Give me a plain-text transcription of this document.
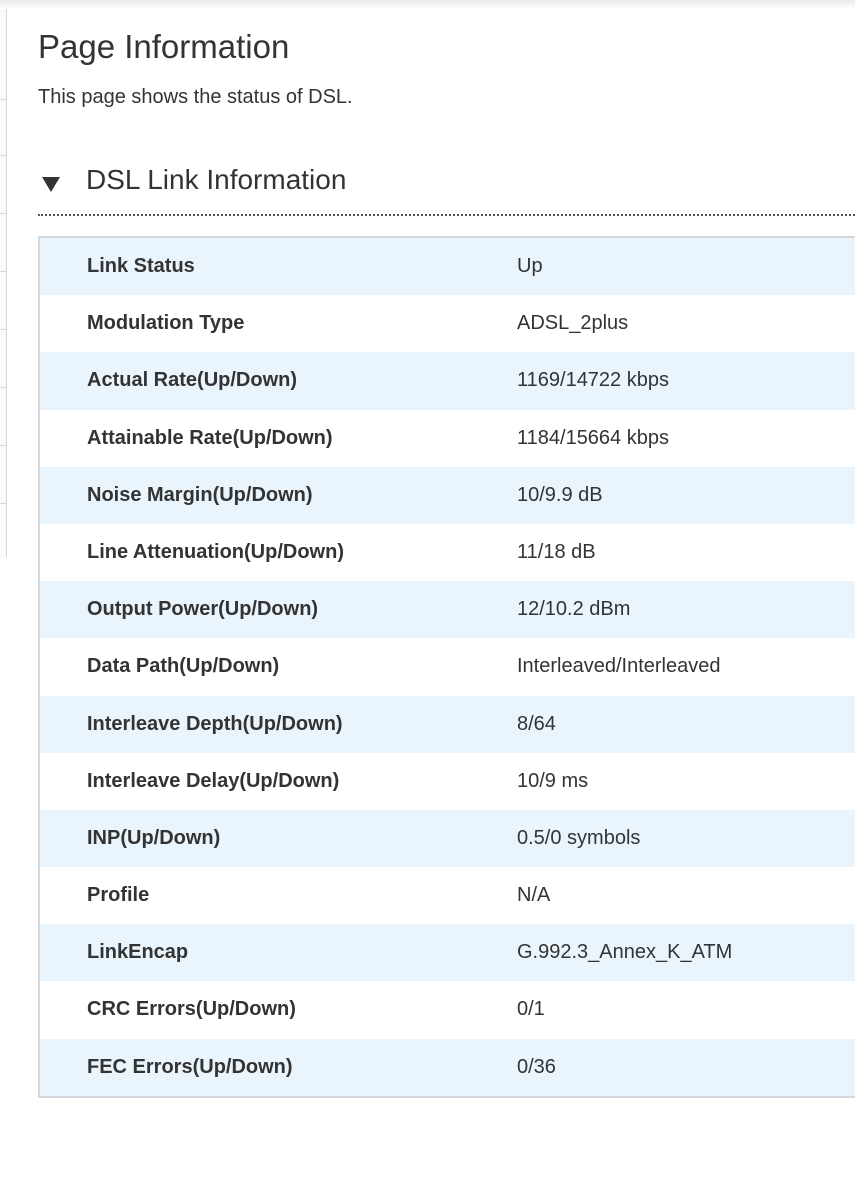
Page Information
This page shows the status of DSL.
DSL Link Information
Link Status	Up
Modulation Type	ADSL_2plus
Actual Rate(Up/Down)	1169/14722 kbps
Attainable Rate(Up/Down)	1184/15664 kbps
Noise Margin(Up/Down)	10/9.9 dB
Line Attenuation(Up/Down)	11/18 dB
Output Power(Up/Down)	12/10.2 dBm
Data Path(Up/Down)	Interleaved/Interleaved
Interleave Depth(Up/Down)	8/64
Interleave Delay(Up/Down)	10/9 ms
INP(Up/Down)	0.5/0 symbols
Profile	N/A
LinkEncap	G.992.3_Annex_K_ATM
CRC Errors(Up/Down)	0/1
FEC Errors(Up/Down)	0/36
